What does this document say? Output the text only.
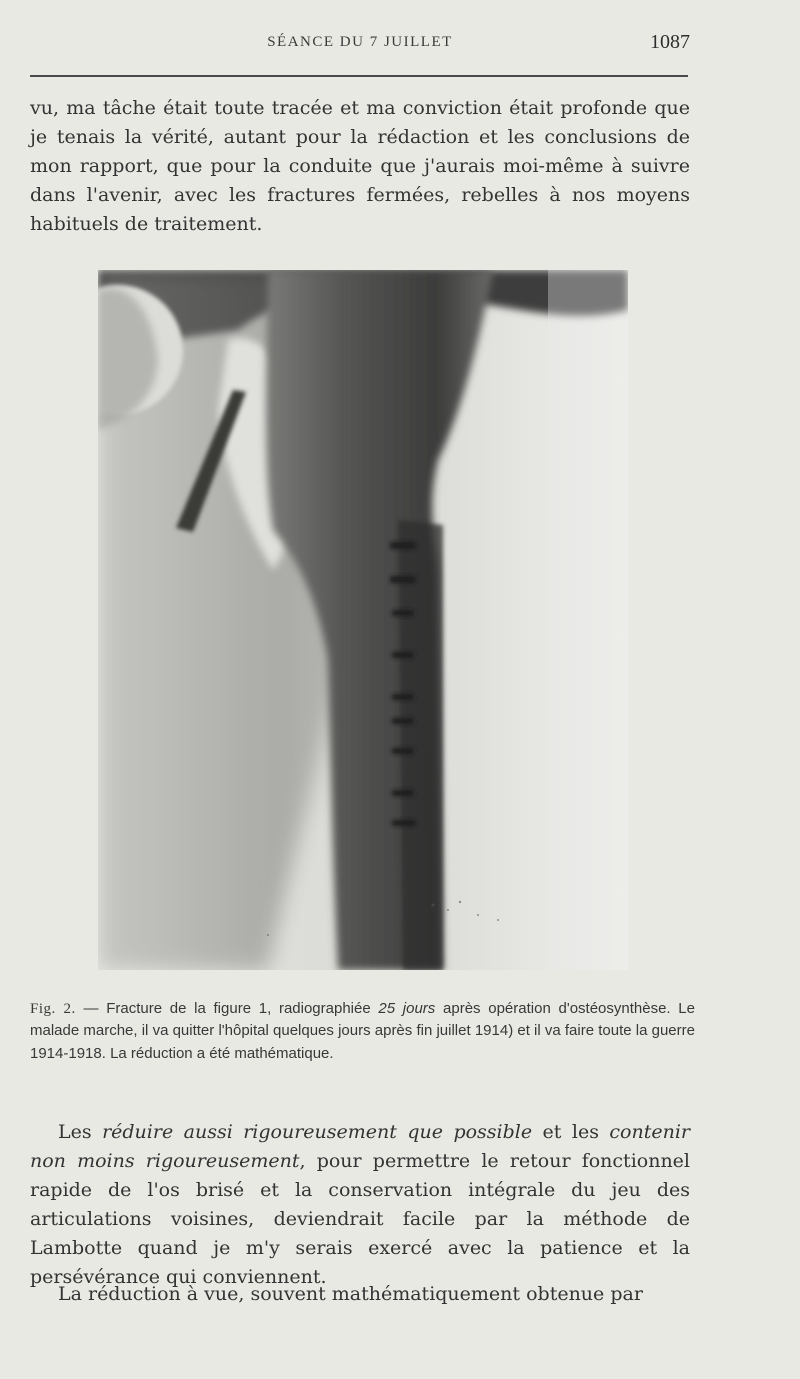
SÉANCE DU 7 JUILLET	1087

vu, ma tâche était toute tracée et ma conviction était profonde que je tenais la vérité, autant pour la rédaction et les conclusions de mon rapport, que pour la conduite que j'aurais moi-même à suivre dans l'avenir, avec les fractures fermées, rebelles à nos moyens habituels de traitement.

Fig. 2. — Fracture de la figure 1, radiographiée 25 jours après opération d'ostéosynthèse. Le malade marche, il va quitter l'hôpital quelques jours après fin juillet 1914) et il va faire toute la guerre 1914-1918. La réduction a été mathématique.

Les réduire aussi rigoureusement que possible et les contenir non moins rigoureusement, pour permettre le retour fonctionnel rapide de l'os brisé et la conservation intégrale du jeu des articulations voisines, deviendrait facile par la méthode de Lambotte quand je m'y serais exercé avec la patience et la persévérance qui conviennent.

La réduction à vue, souvent mathématiquement obtenue par
